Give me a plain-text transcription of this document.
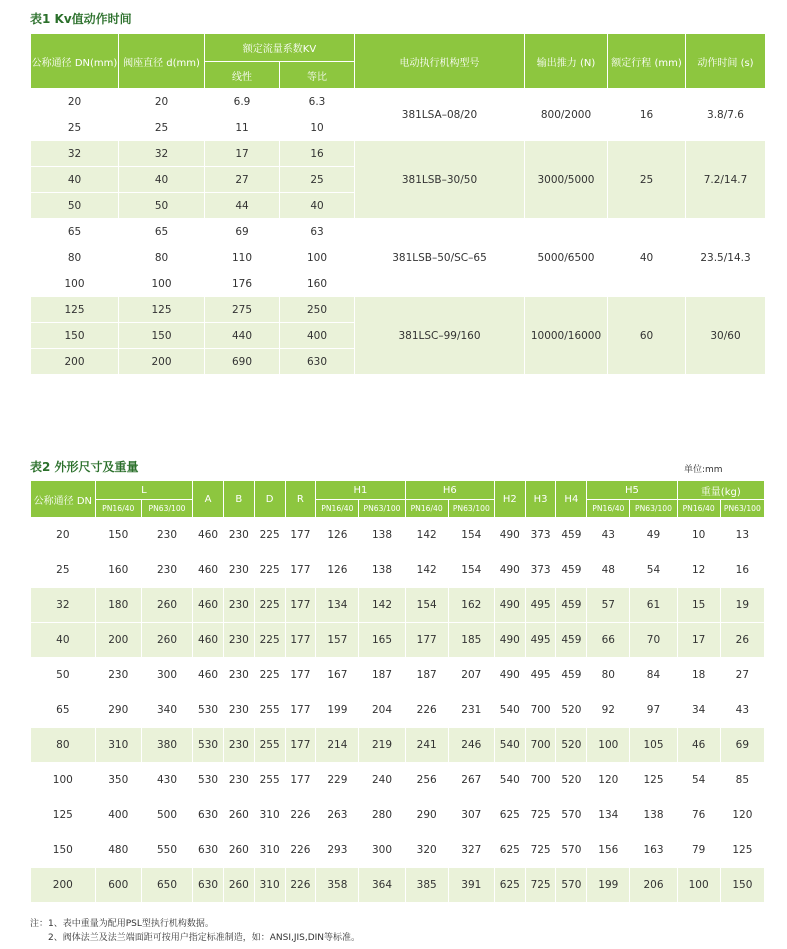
表1 Kv值动作时间
公称通径 DN(mm)	阀座直径 d(mm)	额定流量系数KV		电动执行机构型号	输出推力 (N)	额定行程 (mm)	动作时间 (s)
		线性	等比				
20	20	6.9	6.3	381LSA–08/20	800/2000	16	3.8/7.6
25	25	11	10				
32	32	17	16	381LSB–30/50	3000/5000	25	7.2/14.7
40	40	27	25				
50	50	44	40				
65	65	69	63	381LSB–50/SC–65	5000/6500	40	23.5/14.3
80	80	110	100				
100	100	176	160				
125	125	275	250	381LSC–99/160	10000/16000	60	30/60
150	150	440	400				
200	200	690	630				
表2 外形尺寸及重量	单位:mm
公称通径 DN	L		A	B	D	R	H1		H6		H2	H3	H4	H5		重量(kg)	
	PN16/40	PN63/100					PN16/40	PN63/100	PN16/40	PN63/100				PN16/40	PN63/100	PN16/40	PN63/100
20	150	230	460	230	225	177	126	138	142	154	490	373	459	43	49	10	13
25	160	230	460	230	225	177	126	138	142	154	490	373	459	48	54	12	16
32	180	260	460	230	225	177	134	142	154	162	490	495	459	57	61	15	19
40	200	260	460	230	225	177	157	165	177	185	490	495	459	66	70	17	26
50	230	300	460	230	225	177	167	187	187	207	490	495	459	80	84	18	27
65	290	340	530	230	255	177	199	204	226	231	540	700	520	92	97	34	43
80	310	380	530	230	255	177	214	219	241	246	540	700	520	100	105	46	69
100	350	430	530	230	255	177	229	240	256	267	540	700	520	120	125	54	85
125	400	500	630	260	310	226	263	280	290	307	625	725	570	134	138	76	120
150	480	550	630	260	310	226	293	300	320	327	625	725	570	156	163	79	125
200	600	650	630	260	310	226	358	364	385	391	625	725	570	199	206	100	150
注：1、表中重量为配用PSL型执行机构数据。
　　2、阀体法兰及法兰端面距可按用户指定标准制造，如：ANSI,JIS,DIN等标准。
